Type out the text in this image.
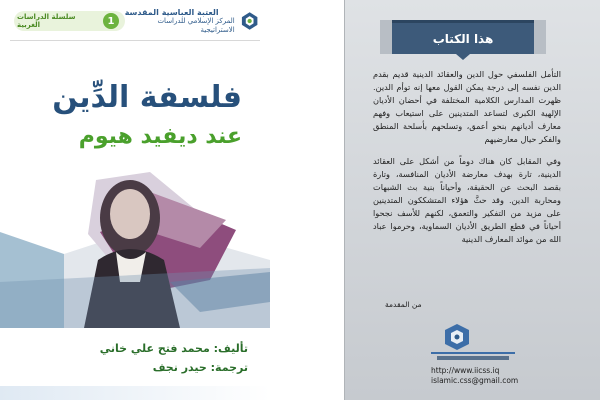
العتبة العباسية المقدسة
المركز الإسلامي للدراسات الاستراتيجية
سلسلة الدراسات الغربية	1
فلسفة الدِّين
عند ديفيد هيوم
تأليف: محمد فتح علي خاني
ترجمة: حيدر نجف
هذا الكتاب

التأمل الفلسفي حول الدين والعقائد الدينية قديم بقدم الدين نفسه إلى درجة يمكن القول معها إنه توأم الدين. ظهرت المدارس الكلامية المختلفة في أحضان الأديان الإلهية الكبرى لتساعد المتدينين على استيعاب وفهم معارف أديانهم بنحو أعمق، وتسلحهم بأسلحة المنطق والفكر حيال معارضيهم

وفي المقابل كان هناك دوماً من أشكل على العقائد الدينية، تارة بهدف معارضة الأديان المنافسة، وتارة بقصد البحث عن الحقيقة، وأحياناً بنية بث الشبهات ومحاربة الدين. وقد حثَّ هؤلاء المتشككون المتدينين على مزيد من التفكير والتعمق، لكنهم للأسف نجحوا أحياناً في قطع الطريق الأديان السماوية، وحرموا عباد الله من موائد المعارف الدينية

من المقدمة
http://www.iicss.iq
islamic.css@gmail.com
